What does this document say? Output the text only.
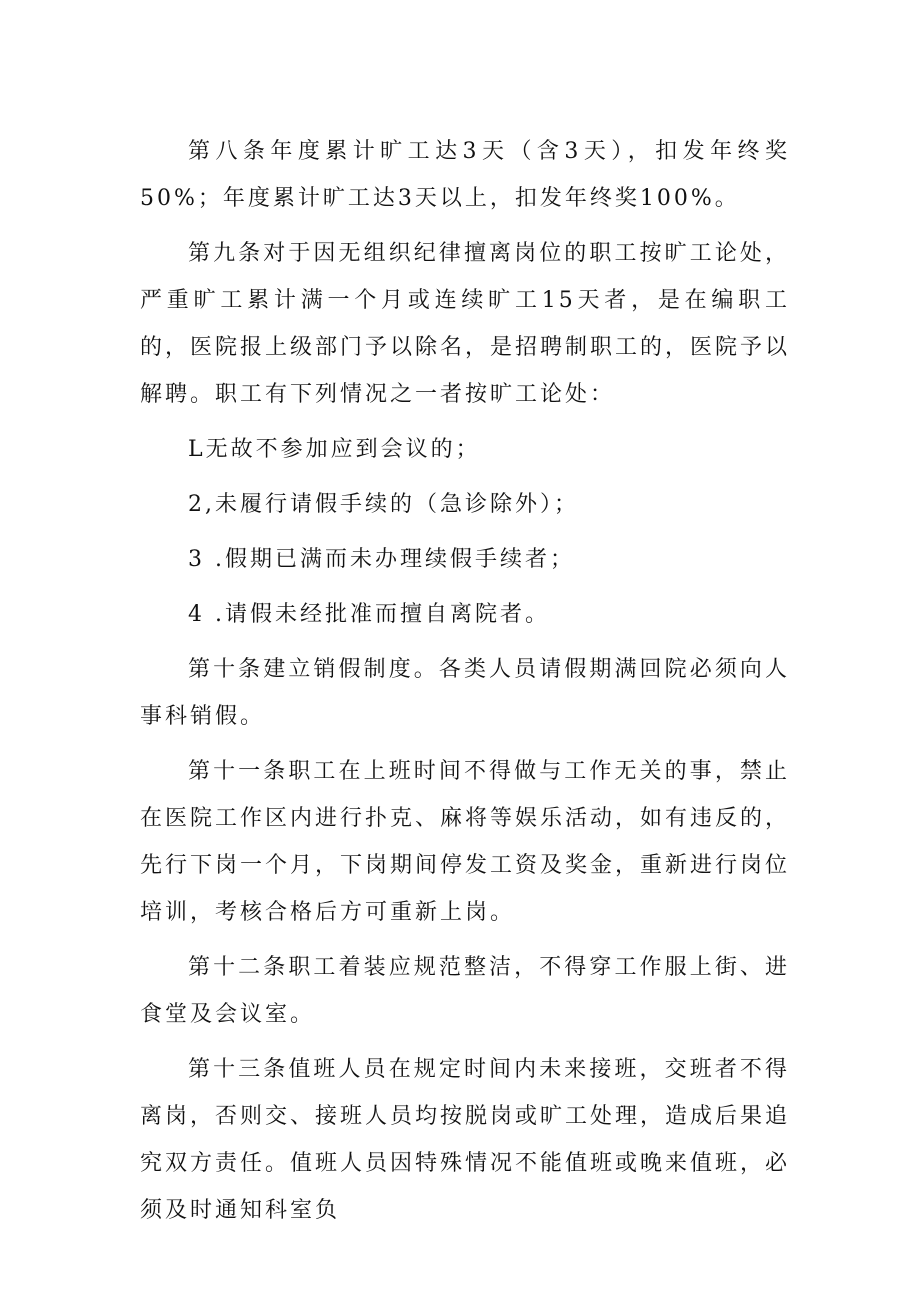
第八条年度累计旷工达3天（含3天），扣发年终奖50%；年度累计旷工达3天以上，扣发年终奖100%。

第九条对于因无组织纪律擅离岗位的职工按旷工论处，严重旷工累计满一个月或连续旷工15天者，是在编职工的，医院报上级部门予以除名，是招聘制职工的，医院予以解聘。职工有下列情况之一者按旷工论处：

L无故不参加应到会议的；

2,未履行请假手续的（急诊除外）；

3 .假期已满而未办理续假手续者；

4 .请假未经批准而擅自离院者。

第十条建立销假制度。各类人员请假期满回院必须向人事科销假。

第十一条职工在上班时间不得做与工作无关的事，禁止在医院工作区内进行扑克、麻将等娱乐活动，如有违反的，先行下岗一个月，下岗期间停发工资及奖金，重新进行岗位培训，考核合格后方可重新上岗。

第十二条职工着装应规范整洁，不得穿工作服上街、进食堂及会议室。

第十三条值班人员在规定时间内未来接班，交班者不得离岗，否则交、接班人员均按脱岗或旷工处理，造成后果追究双方责任。值班人员因特殊情况不能值班或晚来值班，必须及时通知科室负
